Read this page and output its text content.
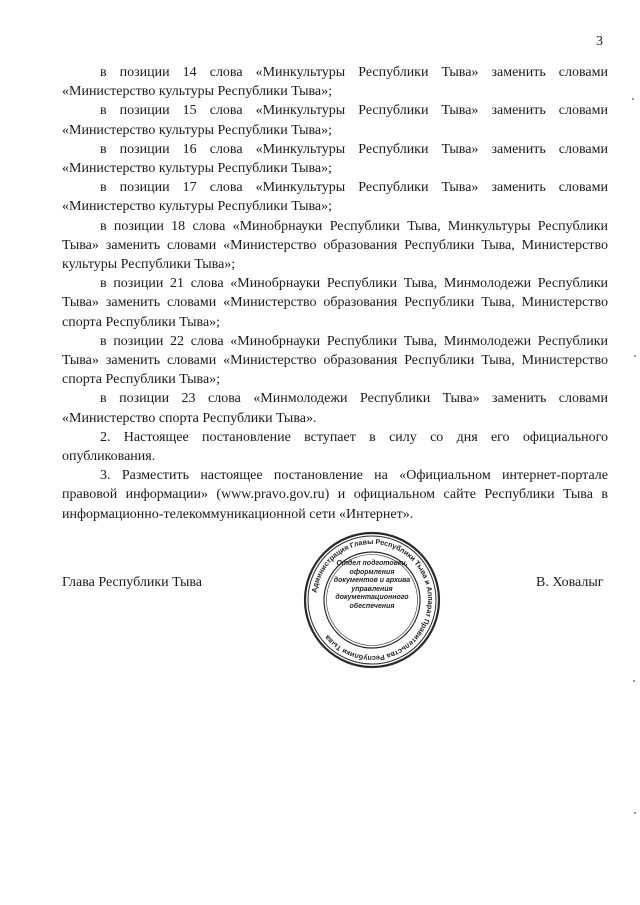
3

в позиции 14 слова «Минкультуры Республики Тыва» заменить словами «Министерство культуры Республики Тыва»;

в позиции 15 слова «Минкультуры Республики Тыва» заменить словами «Министерство культуры Республики Тыва»;

в позиции 16 слова «Минкультуры Республики Тыва» заменить словами «Министерство культуры Республики Тыва»;

в позиции 17 слова «Минкультуры Республики Тыва» заменить словами «Министерство культуры Республики Тыва»;

в позиции 18 слова «Минобрнауки Республики Тыва, Минкультуры Республики Тыва» заменить словами «Министерство образования Республики Тыва, Министерство культуры Республики Тыва»;

в позиции 21 слова «Минобрнауки Республики Тыва, Минмолодежи Республики Тыва» заменить словами «Министерство образования Республики Тыва, Министерство спорта Республики Тыва»;

в позиции 22 слова «Минобрнауки Республики Тыва, Минмолодежи Республики Тыва» заменить словами «Министерство образования Республики Тыва, Министерство спорта Республики Тыва»;

в позиции 23 слова «Минмолодежи Республики Тыва» заменить словами «Министерство спорта Республики Тыва».

2. Настоящее постановление вступает в силу со дня его официального опубликования.

3. Разместить настоящее постановление на «Официальном интернет-портале правовой информации» (www.pravo.gov.ru) и официальном сайте Республики Тыва в информационно-телекоммуникационной сети «Интернет».

Глава Республики Тыва	В. Ховалыг
Администрация Главы Республики Тыва и Аппарат Правительства Республики Тыва
Отдел подготовки, оформления документов и архива управления документационного обеспечения
